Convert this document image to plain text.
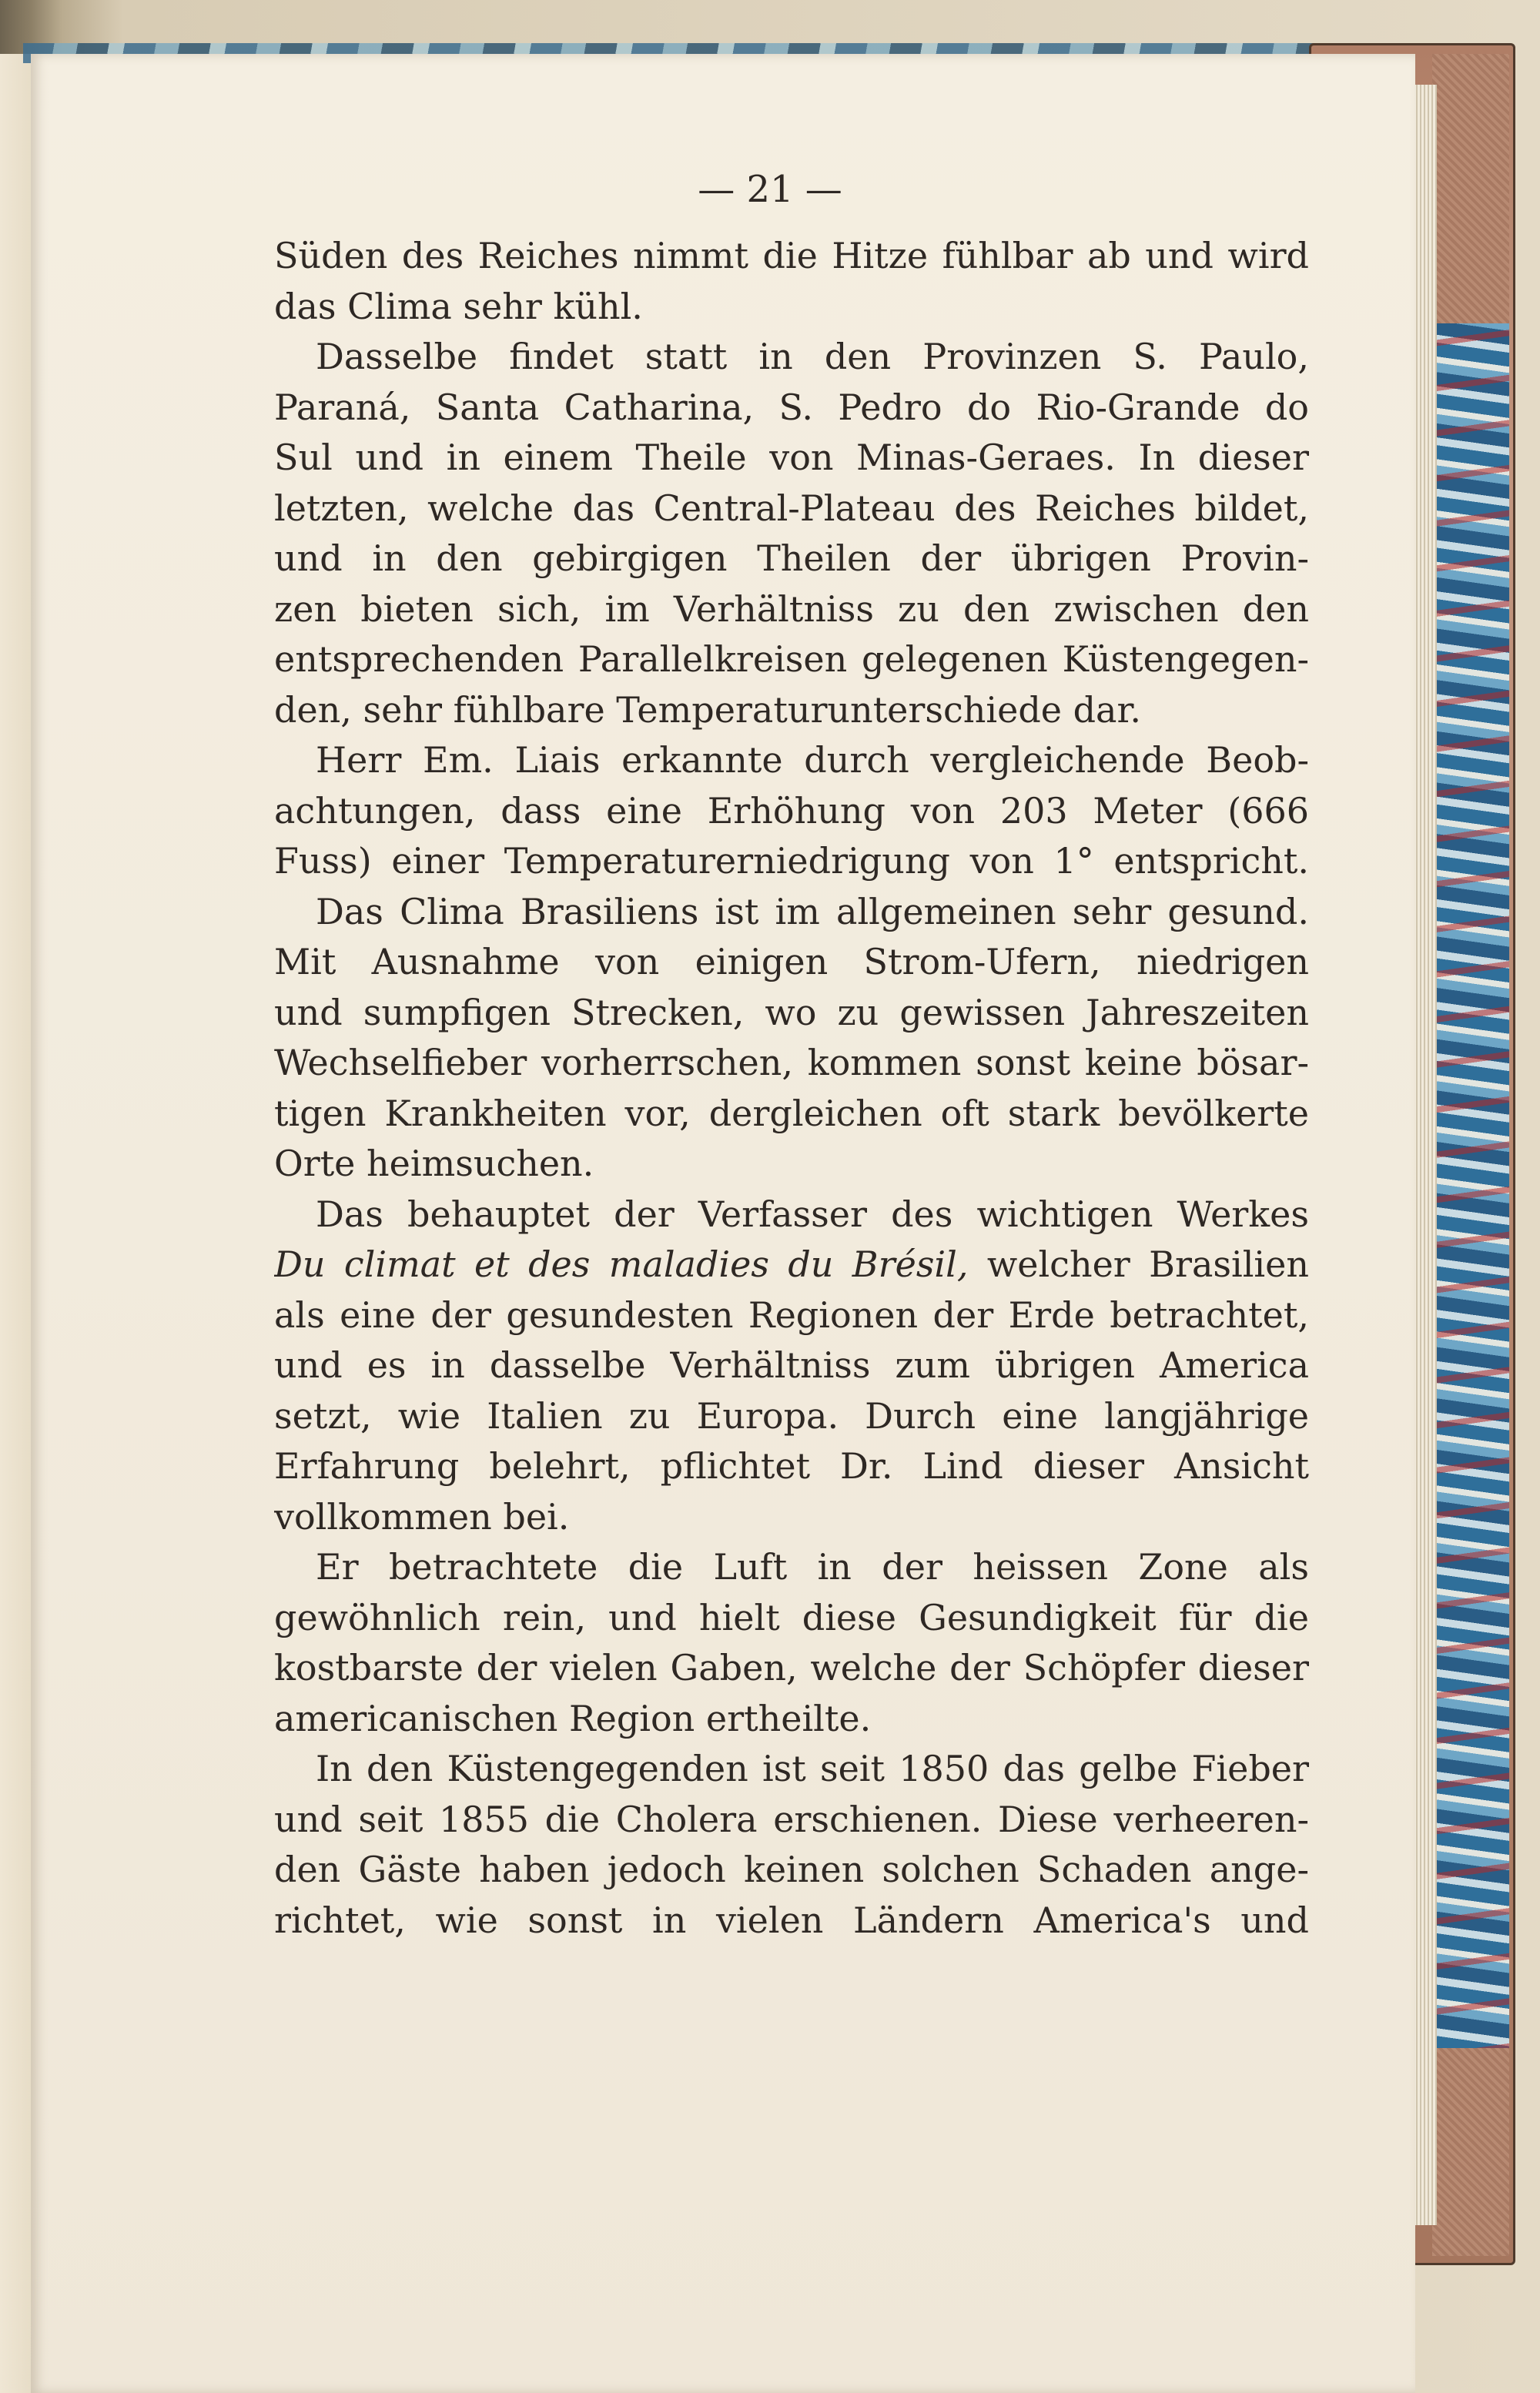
— 21 —
Süden des Reiches nimmt die Hitze fühlbar ab und wird
das Clima sehr kühl.
Dasselbe findet statt in den Provinzen S. Paulo,
Paraná, Santa Catharina, S. Pedro do Rio-Grande do
Sul und in einem Theile von Minas-Geraes. In dieser
letzten, welche das Central-Plateau des Reiches bildet,
und in den gebirgigen Theilen der übrigen Provin-
zen bieten sich, im Verhältniss zu den zwischen den
entsprechenden Parallelkreisen gelegenen Küstengegen-
den, sehr fühlbare Temperaturunterschiede dar.
Herr Em. Liais erkannte durch vergleichende Beob-
achtungen, dass eine Erhöhung von 203 Meter (666
Fuss) einer Temperaturerniedrigung von 1° entspricht.
Das Clima Brasiliens ist im allgemeinen sehr gesund.
Mit Ausnahme von einigen Strom-Ufern, niedrigen
und sumpfigen Strecken, wo zu gewissen Jahreszeiten
Wechselfieber vorherrschen, kommen sonst keine bösar-
tigen Krankheiten vor, dergleichen oft stark bevölkerte
Orte heimsuchen.
Das behauptet der Verfasser des wichtigen Werkes
Du climat et des maladies du Brésil, welcher Brasilien
als eine der gesundesten Regionen der Erde betrachtet,
und es in dasselbe Verhältniss zum übrigen America
setzt, wie Italien zu Europa. Durch eine langjährige
Erfahrung belehrt, pflichtet Dr. Lind dieser Ansicht
vollkommen bei.
Er betrachtete die Luft in der heissen Zone als
gewöhnlich rein, und hielt diese Gesundigkeit für die
kostbarste der vielen Gaben, welche der Schöpfer dieser
americanischen Region ertheilte.
In den Küstengegenden ist seit 1850 das gelbe Fieber
und seit 1855 die Cholera erschienen. Diese verheeren-
den Gäste haben jedoch keinen solchen Schaden ange-
richtet, wie sonst in vielen Ländern America's und
